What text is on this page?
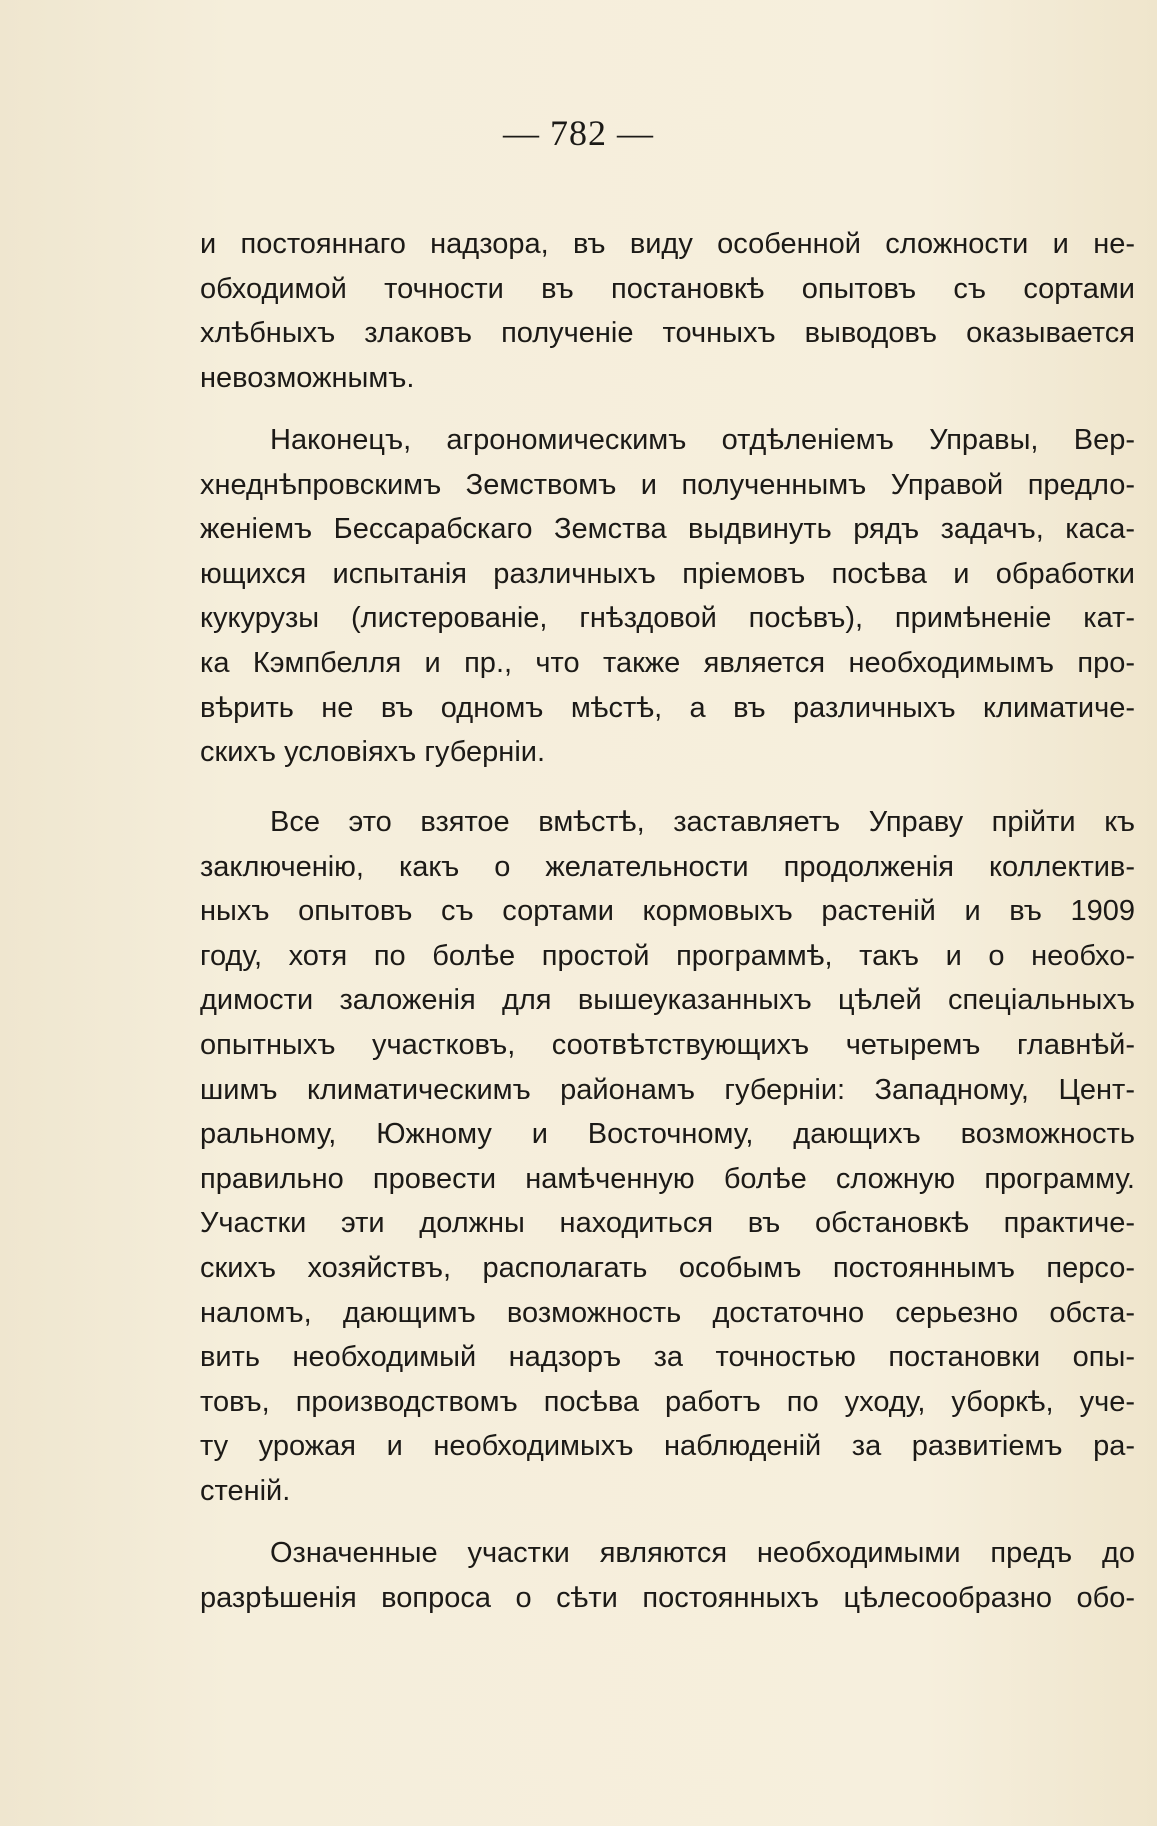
— 782 —
и постояннаго надзора, въ виду особенной сложности и не-
обходимой точности въ постановкѣ опытовъ съ сортами
хлѣбныхъ злаковъ полученіе точныхъ выводовъ оказывается
невозможнымъ.
Наконецъ, агрономическимъ отдѣленіемъ Управы, Вер-
хнеднѣпровскимъ Земствомъ и полученнымъ Управой предло-
женіемъ Бессарабскаго Земства выдвинуть рядъ задачъ, каса-
ющихся испытанія различныхъ пріемовъ посѣва и обработки
кукурузы (листерованіе, гнѣздовой посѣвъ), примѣненіе кат-
ка Кэмпбелля и пр., что также является необходимымъ про-
вѣрить не въ одномъ мѣстѣ, а въ различныхъ климатиче-
скихъ условіяхъ губерніи.
Все это взятое вмѣстѣ, заставляетъ Управу прійти къ
заключенію, какъ о желательности продолженія коллектив-
ныхъ опытовъ съ сортами кормовыхъ растеній и въ 1909
году, хотя по болѣе простой программѣ, такъ и о необхо-
димости заложенія для вышеуказанныхъ цѣлей спеціальныхъ
опытныхъ участковъ, соотвѣтствующихъ четыремъ главнѣй-
шимъ климатическимъ районамъ губерніи: Западному, Цент-
ральному, Южному и Восточному, дающихъ возможность
правильно провести намѣченную болѣе сложную программу.
Участки эти должны находиться въ обстановкѣ практиче-
скихъ хозяйствъ, располагать особымъ постояннымъ персо-
наломъ, дающимъ возможность достаточно серьезно обста-
вить необходимый надзоръ за точностью постановки опы-
товъ, производствомъ посѣва работъ по уходу, уборкѣ, уче-
ту урожая и необходимыхъ наблюденій за развитіемъ ра-
стеній.
Означенные участки являются необходимыми предъ до
разрѣшенія вопроса о сѣти постоянныхъ цѣлесообразно обо-
